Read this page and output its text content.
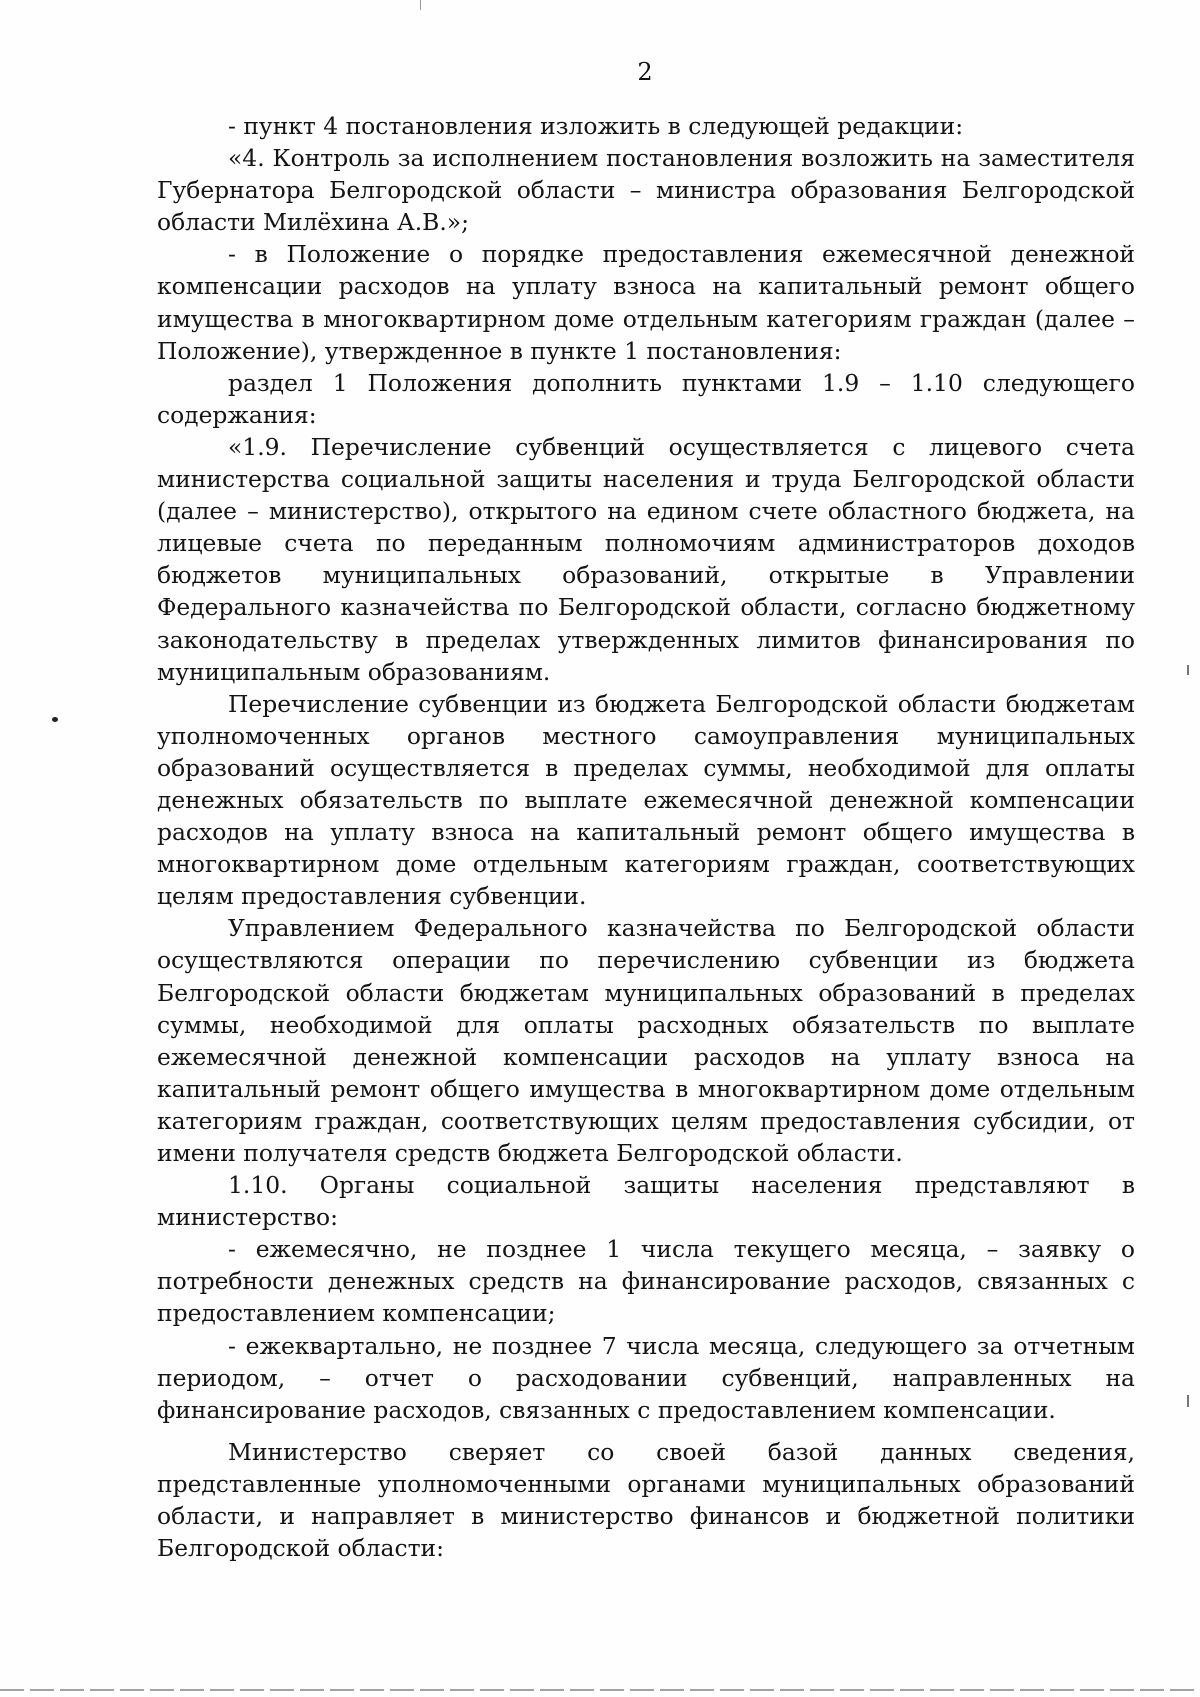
2

- пункт 4 постановления изложить в следующей редакции:

«4. Контроль за исполнением постановления возложить на заместителя Губернатора Белгородской области – министра образования Белгородской области Милёхина А.В.»;

- в Положение о порядке предоставления ежемесячной денежной компенсации расходов на уплату взноса на капитальный ремонт общего имущества в многоквартирном доме отдельным категориям граждан (далее – Положение), утвержденное в пункте 1 постановления:

раздел 1 Положения дополнить пунктами 1.9 – 1.10 следующего содержания:

«1.9. Перечисление субвенций осуществляется с лицевого счета министерства социальной защиты населения и труда Белгородской области (далее – министерство), открытого на едином счете областного бюджета, на лицевые счета по переданным полномочиям администраторов доходов бюджетов муниципальных образований, открытые в Управлении Федерального казначейства по Белгородской области, согласно бюджетному законодательству в пределах утвержденных лимитов финансирования по муниципальным образованиям.

Перечисление субвенции из бюджета Белгородской области бюджетам уполномоченных органов местного самоуправления муниципальных образований осуществляется в пределах суммы, необходимой для оплаты денежных обязательств по выплате ежемесячной денежной компенсации расходов на уплату взноса на капитальный ремонт общего имущества в многоквартирном доме отдельным категориям граждан, соответствующих целям предоставления субвенции.

Управлением Федерального казначейства по Белгородской области осуществляются операции по перечислению субвенции из бюджета Белгородской области бюджетам муниципальных образований в пределах суммы, необходимой для оплаты расходных обязательств по выплате ежемесячной денежной компенсации расходов на уплату взноса на капитальный ремонт общего имущества в многоквартирном доме отдельным категориям граждан, соответствующих целям предоставления субсидии, от имени получателя средств бюджета Белгородской области.

1.10. Органы социальной защиты населения представляют в министерство:

- ежемесячно, не позднее 1 числа текущего месяца, – заявку о потребности денежных средств на финансирование расходов, связанных с предоставлением компенсации;

- ежеквартально, не позднее 7 числа месяца, следующего за отчетным периодом, – отчет о расходовании субвенций, направленных на финансирование расходов, связанных с предоставлением компенсации.

Министерство сверяет со своей базой данных сведения, представленные уполномоченными органами муниципальных образований области, и направляет в министерство финансов и бюджетной политики Белгородской области:
